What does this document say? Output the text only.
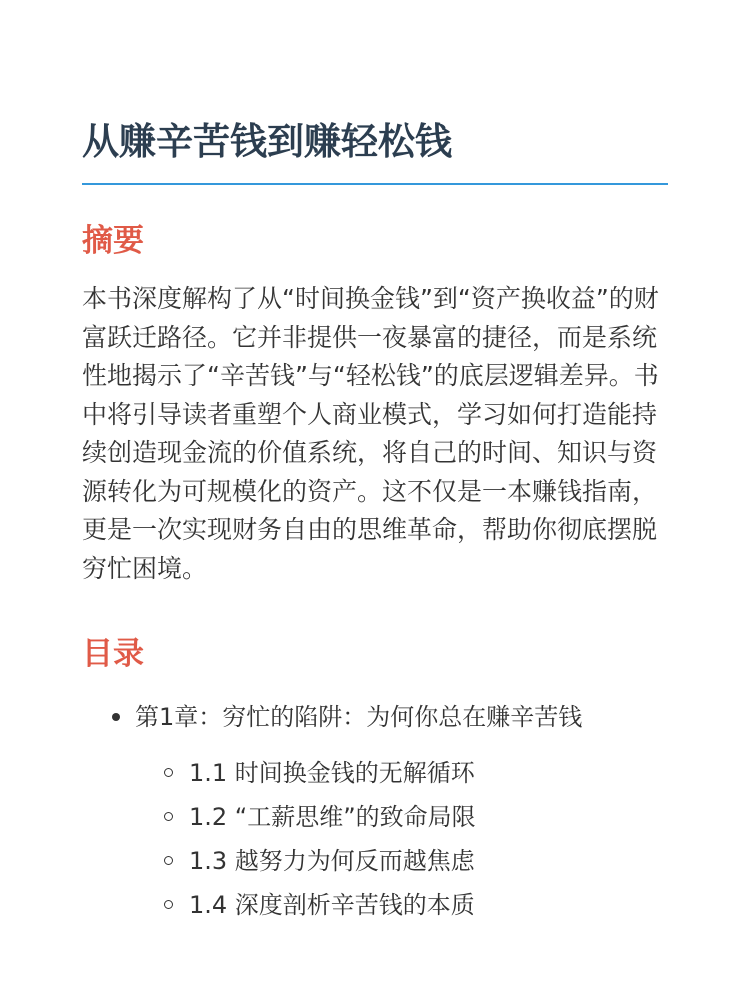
从赚辛苦钱到赚轻松钱
摘要

本书深度解构了从“时间换金钱”到“资产换收益”的财富跃迁路径。它并非提供一夜暴富的捷径，而是系统性地揭示了“辛苦钱”与“轻松钱”的底层逻辑差异。书中将引导读者重塑个人商业模式，学习如何打造能持续创造现金流的价值系统，将自己的时间、知识与资源转化为可规模化的资产。这不仅是一本赚钱指南，更是一次实现财务自由的思维革命，帮助你彻底摆脱穷忙困境。

目录
第1章：穷忙的陷阱：为何你总在赚辛苦钱
1.1 时间换金钱的无解循环
1.2 “工薪思维”的致命局限
1.3 越努力为何反而越焦虑
1.4 深度剖析辛苦钱的本质
